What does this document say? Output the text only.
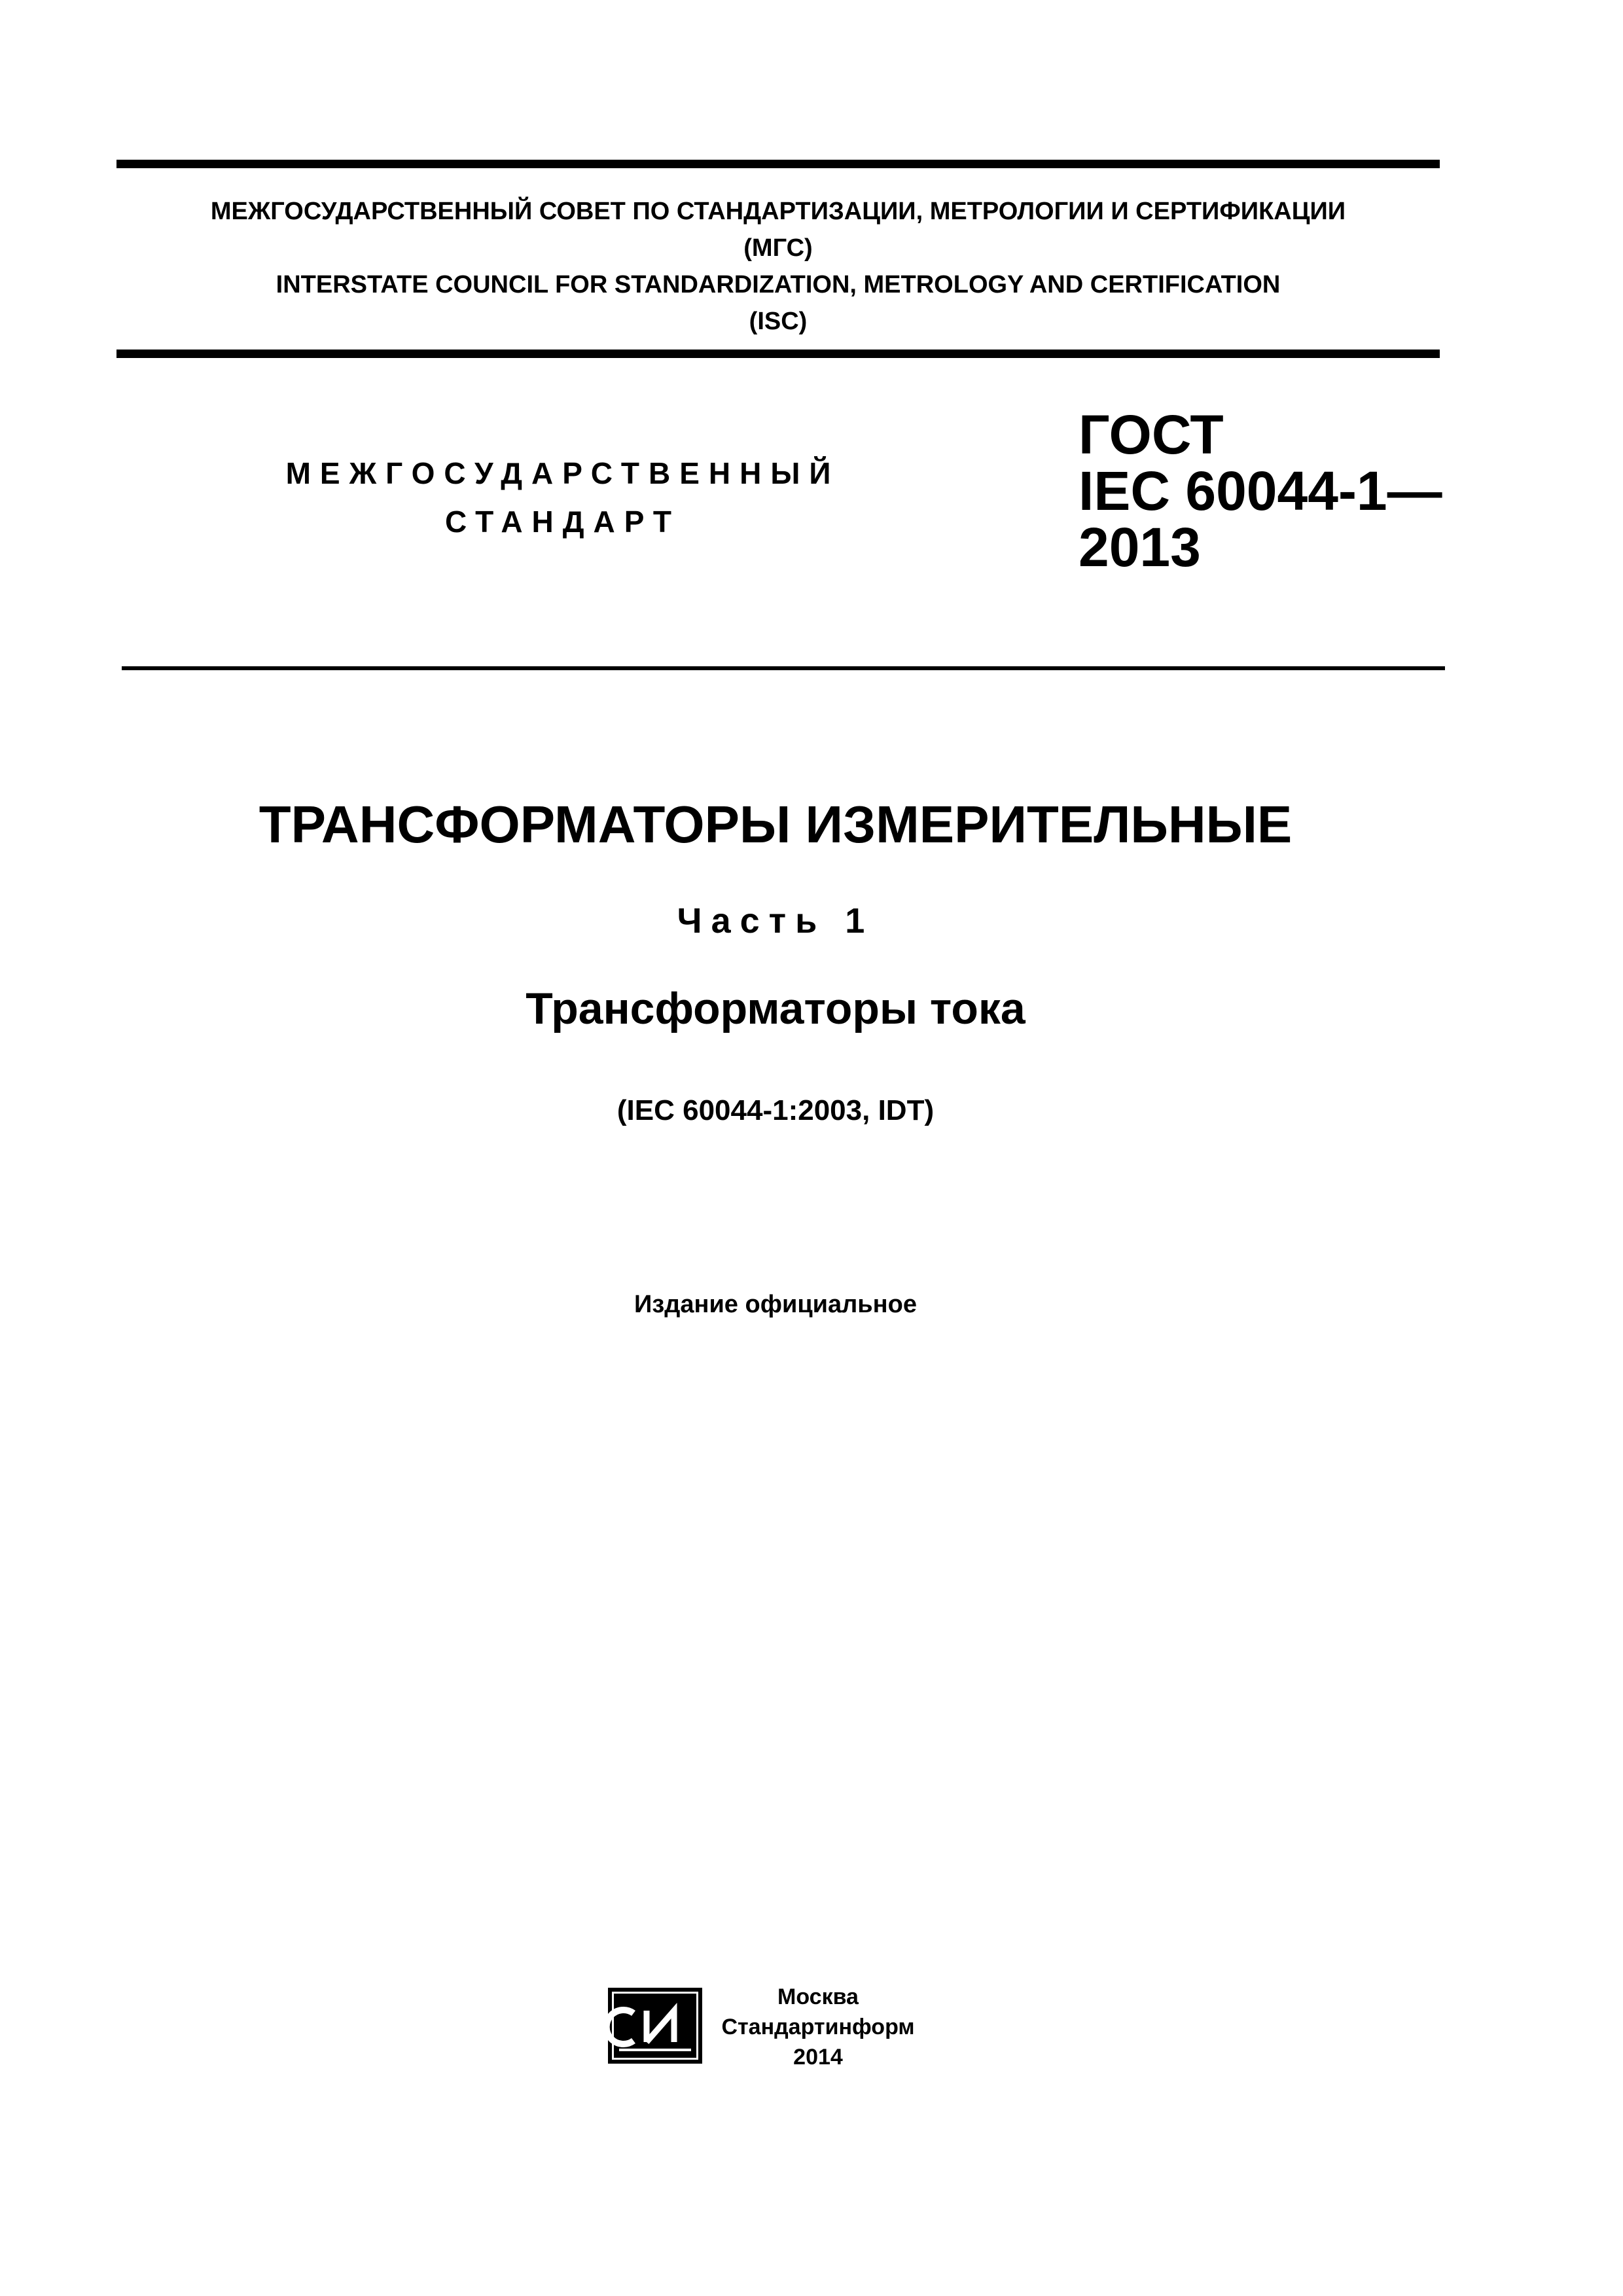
МЕЖГОСУДАРСТВЕННЫЙ СОВЕТ ПО СТАНДАРТИЗАЦИИ, МЕТРОЛОГИИ И СЕРТИФИКАЦИИ
(МГС)
INTERSTATE COUNCIL FOR STANDARDIZATION, METROLOGY AND CERTIFICATION
(ISC)
МЕЖГОСУДАРСТВЕННЫЙ
СТАНДАРТ
ГОСТ
IEC 60044-1—
2013
ТРАНСФОРМАТОРЫ ИЗМЕРИТЕЛЬНЫЕ
Часть 1
Трансформаторы тока
(IEC 60044-1:2003, IDT)
Издание официальное
Москва
Стандартинформ
2014
